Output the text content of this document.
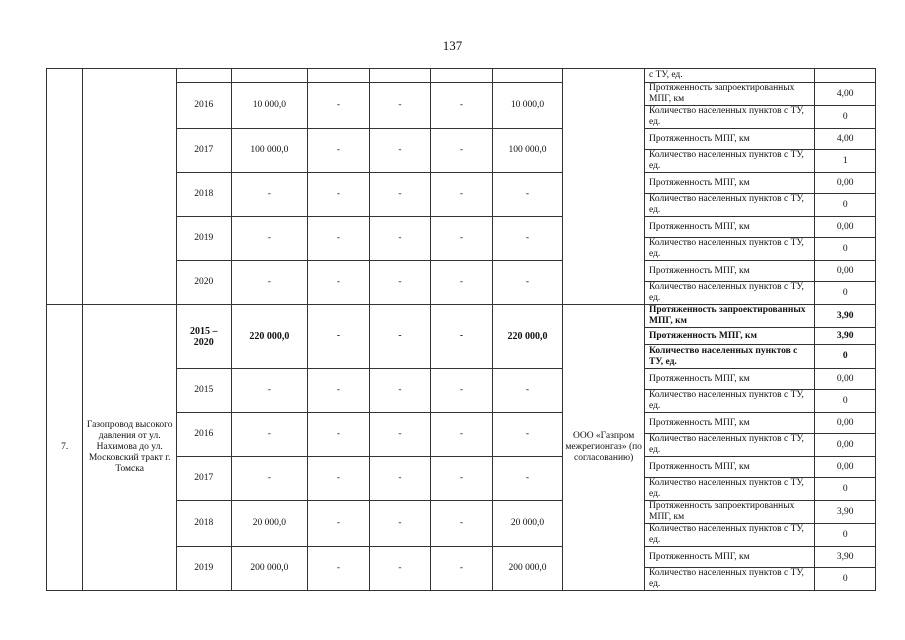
137
									с ТУ, ед.	
		2016	10 000,0	-	-	-	10 000,0		Протяженность запроектированных МПГ, км	4,00
									Количество населенных пунктов с ТУ, ед.	0
		2017	100 000,0	-	-	-	100 000,0		Протяженность МПГ, км	4,00
									Количество населенных пунктов с ТУ, ед.	1
		2018	-	-	-	-	-		Протяженность МПГ, км	0,00
									Количество населенных пунктов с ТУ, ед.	0
		2019	-	-	-	-	-		Протяженность МПГ, км	0,00
									Количество населенных пунктов с ТУ, ед.	0
		2020	-	-	-	-	-		Протяженность МПГ, км	0,00
									Количество населенных пунктов с ТУ, ед.	0
7.	Газопровод высокого давления от ул. Нахимова до ул. Московский тракт г. Томска	2015 – 2020	220 000,0	-	-	-	220 000,0	ООО «Газпром межрегионгаз» (по согласованию)	Протяженность запроектированных МПГ, км	3,90
									Протяженность МПГ, км	3,90
									Количество населенных пунктов с ТУ, ед.	0
		2015	-	-	-	-	-		Протяженность МПГ, км	0,00
									Количество населенных пунктов с ТУ, ед.	0
		2016	-	-	-	-	-		Протяженность МПГ, км	0,00
									Количество населенных пунктов с ТУ, ед.	0,00
		2017	-	-	-	-	-		Протяженность МПГ, км	0,00
									Количество населенных пунктов с ТУ, ед.	0
		2018	20 000,0	-	-	-	20 000,0		Протяженность запроектированных МПГ, км	3,90
									Количество населенных пунктов с ТУ, ед.	0
		2019	200 000,0	-	-	-	200 000,0		Протяженность МПГ, км	3,90
									Количество населенных пунктов с ТУ, ед.	0
